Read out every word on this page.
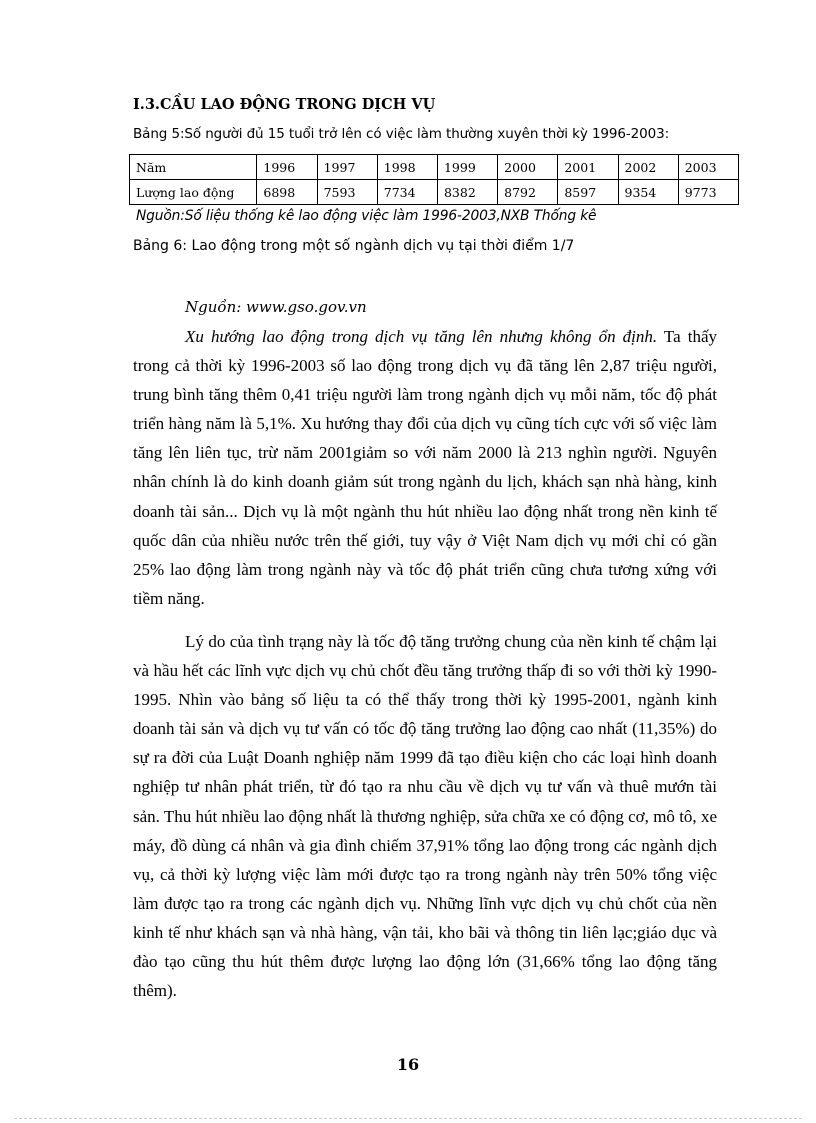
I.3.CẦU LAO ĐỘNG TRONG DỊCH VỤ
Bảng 5:Số người đủ 15 tuổi trở lên có việc làm thường xuyên thời kỳ 1996-2003:
Năm	1996	1997	1998	1999	2000	2001	2002	2003
Lượng lao động	6898	7593	7734	8382	8792	8597	9354	9773
Nguồn:Số liệu thống kê lao động việc làm 1996-2003,NXB Thống kê
Bảng 6: Lao động trong một số ngành dịch vụ tại thời điểm 1/7
Nguồn: www.gso.gov.vn

Xu hướng lao động trong dịch vụ tăng lên nhưng không ổn định. Ta thấy trong cả thời kỳ 1996-2003 số lao động trong dịch vụ đã tăng lên 2,87 triệu người, trung bình tăng thêm 0,41 triệu người làm trong ngành dịch vụ mỗi năm, tốc độ phát triển hàng năm là 5,1%. Xu hướng thay đổi của dịch vụ cũng tích cực với số việc làm tăng lên liên tục, trừ năm 2001giảm so với năm 2000 là 213 nghìn người. Nguyên nhân chính là do kinh doanh giảm sút trong ngành du lịch, khách sạn nhà hàng, kinh doanh tài sản... Dịch vụ là một ngành thu hút nhiều lao động nhất trong nền kinh tế quốc dân của nhiều nước trên thế giới, tuy vậy ở Việt Nam dịch vụ mới chỉ có gần 25% lao động làm trong ngành này và tốc độ phát triển cũng chưa tương xứng với tiềm năng.

Lý do của tình trạng này là tốc độ tăng trưởng chung của nền kinh tế chậm lại và hầu hết các lĩnh vực dịch vụ chủ chốt đều tăng trưởng thấp đi so với thời kỳ 1990-1995. Nhìn vào bảng số liệu ta có thể thấy trong thời kỳ 1995-2001, ngành kinh doanh tài sản và dịch vụ tư vấn có tốc độ tăng trưởng lao động cao nhất (11,35%) do sự ra đời của Luật Doanh nghiệp năm 1999 đã tạo điều kiện cho các loại hình doanh nghiệp tư nhân phát triển, từ đó tạo ra nhu cầu về dịch vụ tư vấn và thuê mướn tài sản. Thu hút nhiều lao động nhất là thương nghiệp, sửa chữa xe có động cơ, mô tô, xe máy, đồ dùng cá nhân và gia đình chiếm 37,91% tổng lao động trong các ngành dịch vụ, cả thời kỳ lượng việc làm mới được tạo ra trong ngành này trên 50% tổng việc làm được tạo ra trong các ngành dịch vụ. Những lĩnh vực dịch vụ chủ chốt của nền kinh tế như khách sạn và nhà hàng, vận tải, kho bãi và thông tin liên lạc;giáo dục và đào tạo cũng thu hút thêm được lượng lao động lớn (31,66% tổng lao động tăng thêm).

16
